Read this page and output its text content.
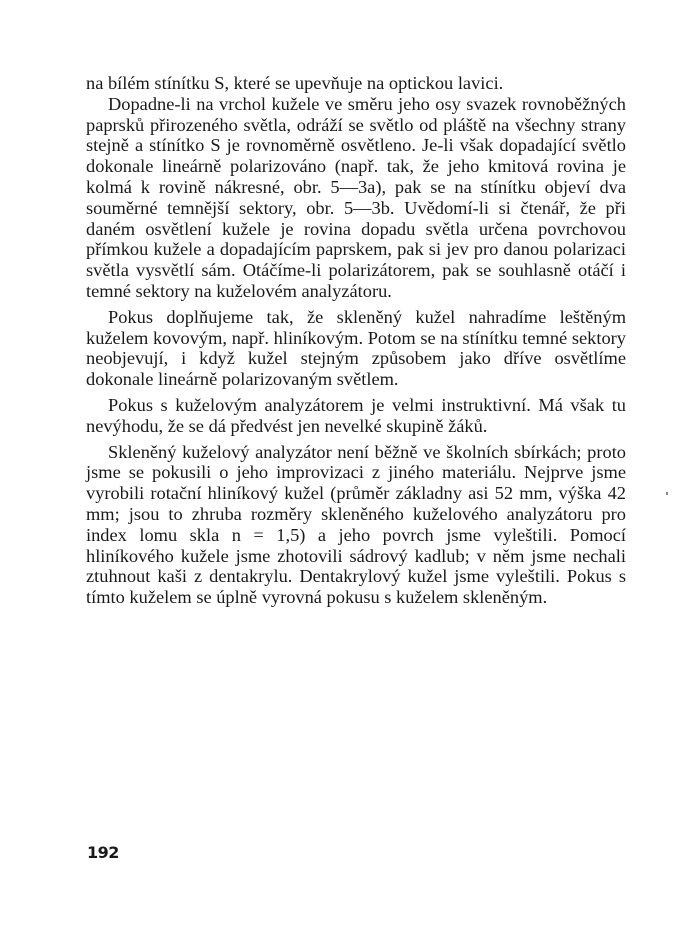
na bílém stínítku S, které se upevňuje na optickou lavici.

Dopadne-li na vrchol kužele ve směru jeho osy svazek rovnoběžných paprsků přirozeného světla, odráží se světlo od pláště na všechny strany stejně a stínítko S je rovnoměrně osvětleno. Je-li však dopadající světlo dokonale lineárně polarizováno (např. tak, že jeho kmitová rovina je kolmá k rovině nákresné, obr. 5—3a), pak se na stínítku objeví dva souměrné temnější sektory, obr. 5—3b. Uvědomí-li si čtenář, že při daném osvětlení kužele je rovina dopadu světla určena povrchovou přímkou kužele a dopadajícím paprskem, pak si jev pro danou polarizaci světla vysvětlí sám. Otáčíme-li polarizátorem, pak se souhlasně otáčí i temné sektory na kuželovém analyzátoru.

Pokus doplňujeme tak, že skleněný kužel nahradíme leštěným kuželem kovovým, např. hliníkovým. Potom se na stínítku temné sektory neobjevují, i když kužel stejným způsobem jako dříve osvětlíme dokonale lineárně polarizovaným světlem.

Pokus s kuželovým analyzátorem je velmi instruktivní. Má však tu nevýhodu, že se dá předvést jen nevelké skupině žáků.

Skleněný kuželový analyzátor není běžně ve školních sbírkách; proto jsme se pokusili o jeho improvizaci z jiného materiálu. Nejprve jsme vyrobili rotační hliníkový kužel (průměr základny asi 52 mm, výška 42 mm; jsou to zhruba rozměry skleněného kuželového analyzátoru pro index lomu skla n = 1,5) a jeho povrch jsme vyleštili. Pomocí hliníkového kužele jsme zhotovili sádrový kadlub; v něm jsme nechali ztuhnout kaši z dentakrylu. Dentakrylový kužel jsme vyleštili. Pokus s tímto kuželem se úplně vyrovná pokusu s kuželem skleněným.

192
